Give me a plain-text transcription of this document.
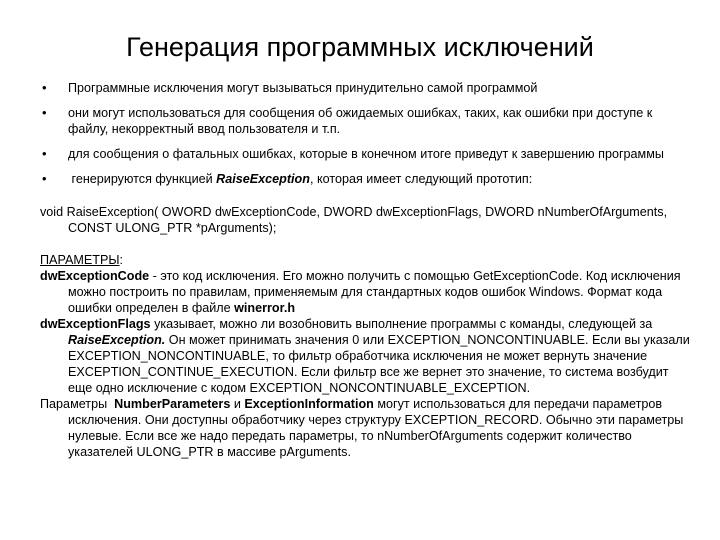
Генерация программных исключений
• Программные исключения могут вызываться принудительно самой программой
• они могут использоваться для сообщения об ожидаемых ошибках, таких, как ошибки при доступе к файлу, некорректный ввод пользователя и т.п.
• для сообщения о фатальных ошибках, которые в конечном итоге приведут к завершению программы
• генерируются функцией RaiseException, которая имеет следующий прототип:

void RaiseException( OWORD dwExceptionCode, DWORD dwExceptionFlags, DWORD nNumberOfArguments, CONST ULONG_PTR *pArguments);

ПАРАМЕТРЫ:

dwExceptionCode - это код исключения. Его можно получить с помощью GetExceptionCode. Код исключения можно построить по правилам, применяемым для стандартных кодов ошибок Windows. Формат кода ошибки определен в файле winerror.h

dwExceptionFlags указывает, можно ли возобновить выполнение программы с команды, следующей за RaiseException. Он может принимать значения 0 или EXCEPTION_NONCONTINUABLE. Если вы указали EXCEPTION_NONCONTINUABLE, то фильтр обработчика исключения не может вернуть значение EXCEPTION_CONTINUE_EXECUTION. Если фильтр все же вернет это значение, то система возбудит еще одно исключение с кодом EXCEPTION_NONCONTINUABLE_EXCEPTION.

Параметры  NumberParameters и ExceptionInformation могут использоваться для передачи параметров исключения. Они доступны обработчику через структуру EXCEPTION_RECORD. Обычно эти параметры нулевые. Если все же надо передать параметры, то nNumberOfArguments содержит количество указателей ULONG_PTR в массиве pArguments.
